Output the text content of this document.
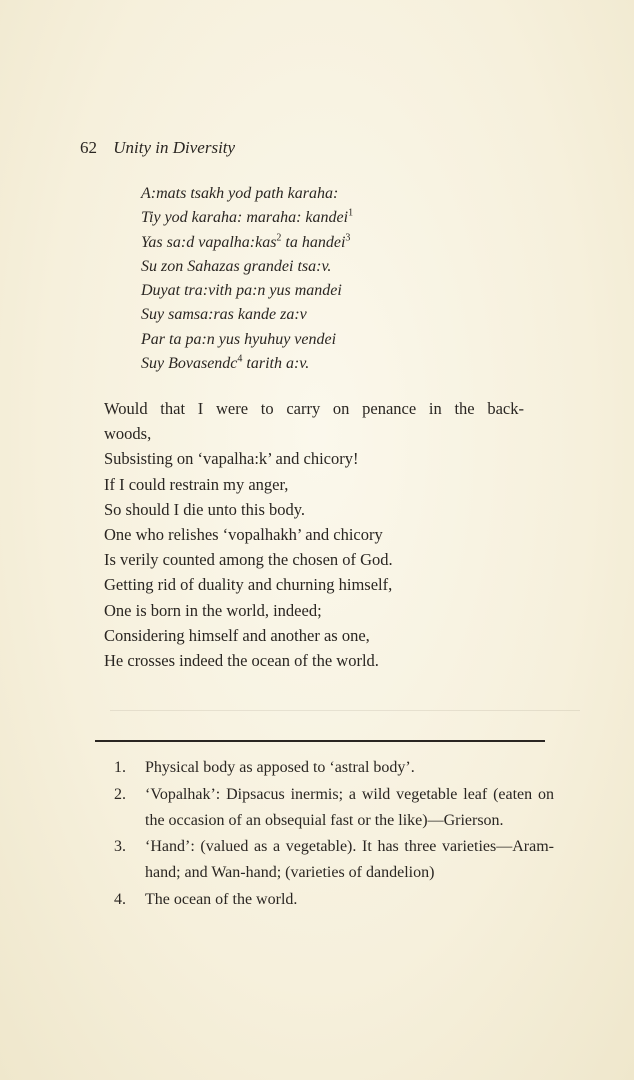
62 Unity in Diversity
A:mats tsakh yod path karaha:
Tiy yod karaha: maraha: kandei$^1$
Yas sa:d vapalha:kas$^2$ ta handei$^3$
Su zon Sahazas grandei tsa:v.
Duyat tra:vith pa:n yus mandei
Suy samsa:ras kande za:v
Par ta pa:n yus hyuhuy vendei
Suy Bovasendc$^4$ tarith a:v.
Would that I were to carry on penance in the back-
woods,
Subsisting on ‘vapalha:k’ and chicory!
If I could restrain my anger,
So should I die unto this body.
One who relishes ‘vopalhakh’ and chicory
Is verily counted among the chosen of God.
Getting rid of duality and churning himself,
One is born in the world, indeed;
Considering himself and another as one,
He crosses indeed the ocean of the world.
1.	Physical body as apposed to ‘astral body’.
2.	‘Vopalhak’: Dipsacus inermis; a wild vegetable leaf (eaten on the occasion of an obsequial fast or the like)—Grierson.
3.	‘Hand’: (valued as a vegetable). It has three varieties—Aram-hand; and Wan-hand; (varieties of dandelion)
4.	The ocean of the world.
